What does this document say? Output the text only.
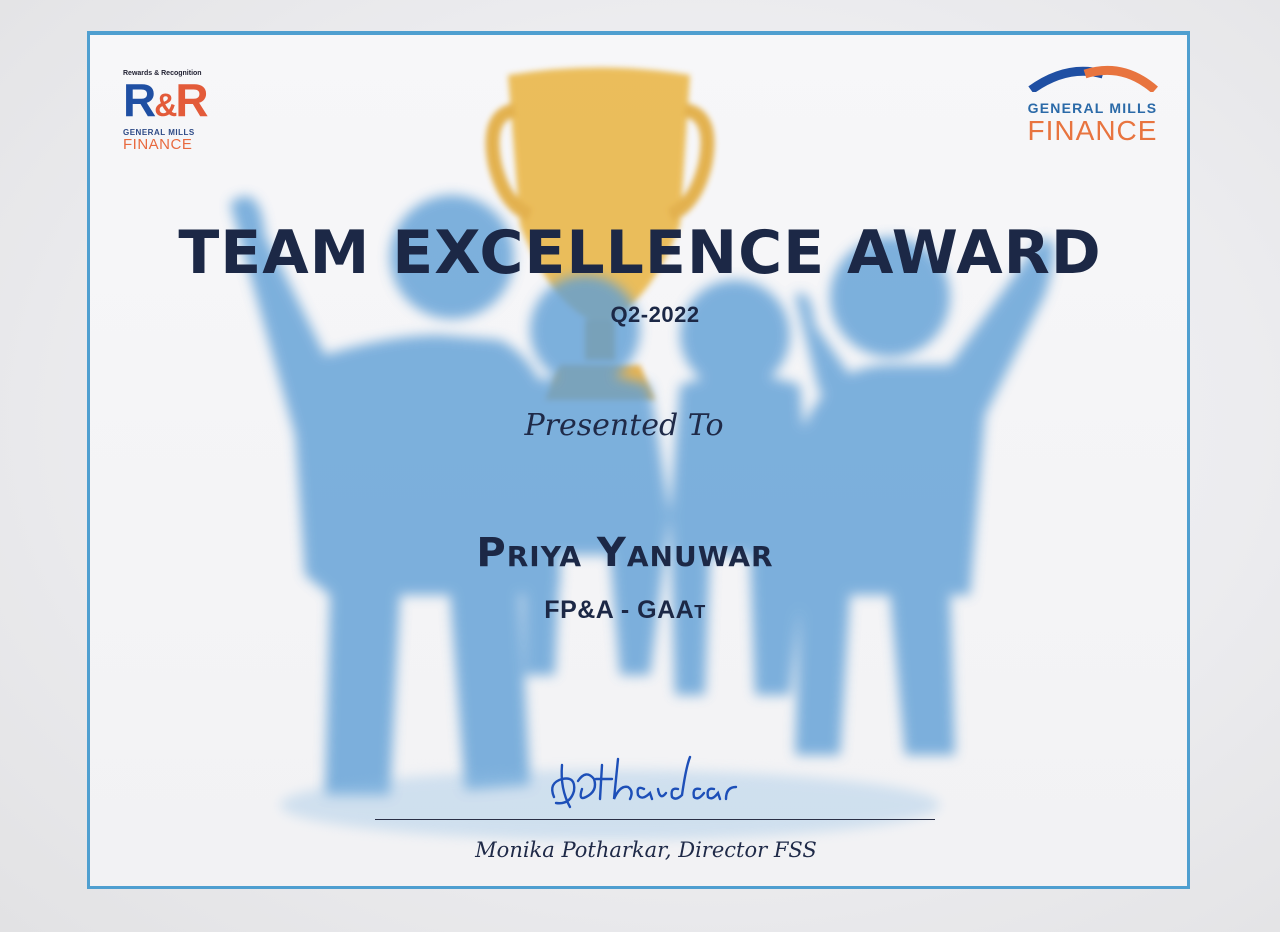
Rewards & Recognition
R&R
GENERAL MILLS
FINANCE
GENERAL MILLS
FINANCE
TEAM EXCELLENCE AWARD
Q2-2022
Presented To
Priya Yanuwar
FP&A - GAAt
Monika Potharkar, Director FSS
